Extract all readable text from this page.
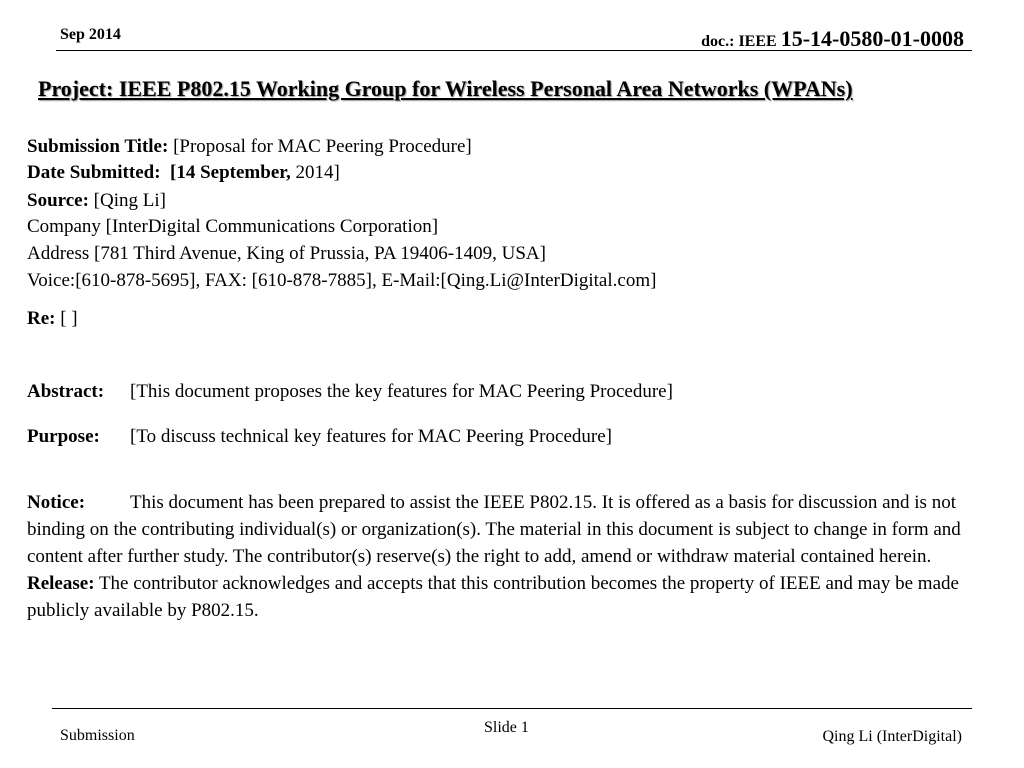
Sep 2014	doc.: IEEE 15-14-0580-01-0008
Project: IEEE P802.15 Working Group for Wireless Personal Area Networks (WPANs)
Submission Title: [Proposal for MAC Peering Procedure]
Date Submitted: [14 September, 2014]
Source: [Qing Li]
Company [InterDigital Communications Corporation]
Address [781 Third Avenue, King of Prussia, PA 19406-1409, USA]
Voice:[610-878-5695], FAX: [610-878-7885], E-Mail:[Qing.Li@InterDigital.com]
Re: [ ]
Abstract: [This document proposes the key features for MAC Peering Procedure]
Purpose: [To discuss technical key features for MAC Peering Procedure]
Notice: This document has been prepared to assist the IEEE P802.15. It is offered as a basis for discussion and is not binding on the contributing individual(s) or organization(s). The material in this document is subject to change in form and content after further study. The contributor(s) reserve(s) the right to add, amend or withdraw material contained herein.
Release: The contributor acknowledges and accepts that this contribution becomes the property of IEEE and may be made publicly available by P802.15.
Submission	Slide 1
Qing Li (InterDigital)
